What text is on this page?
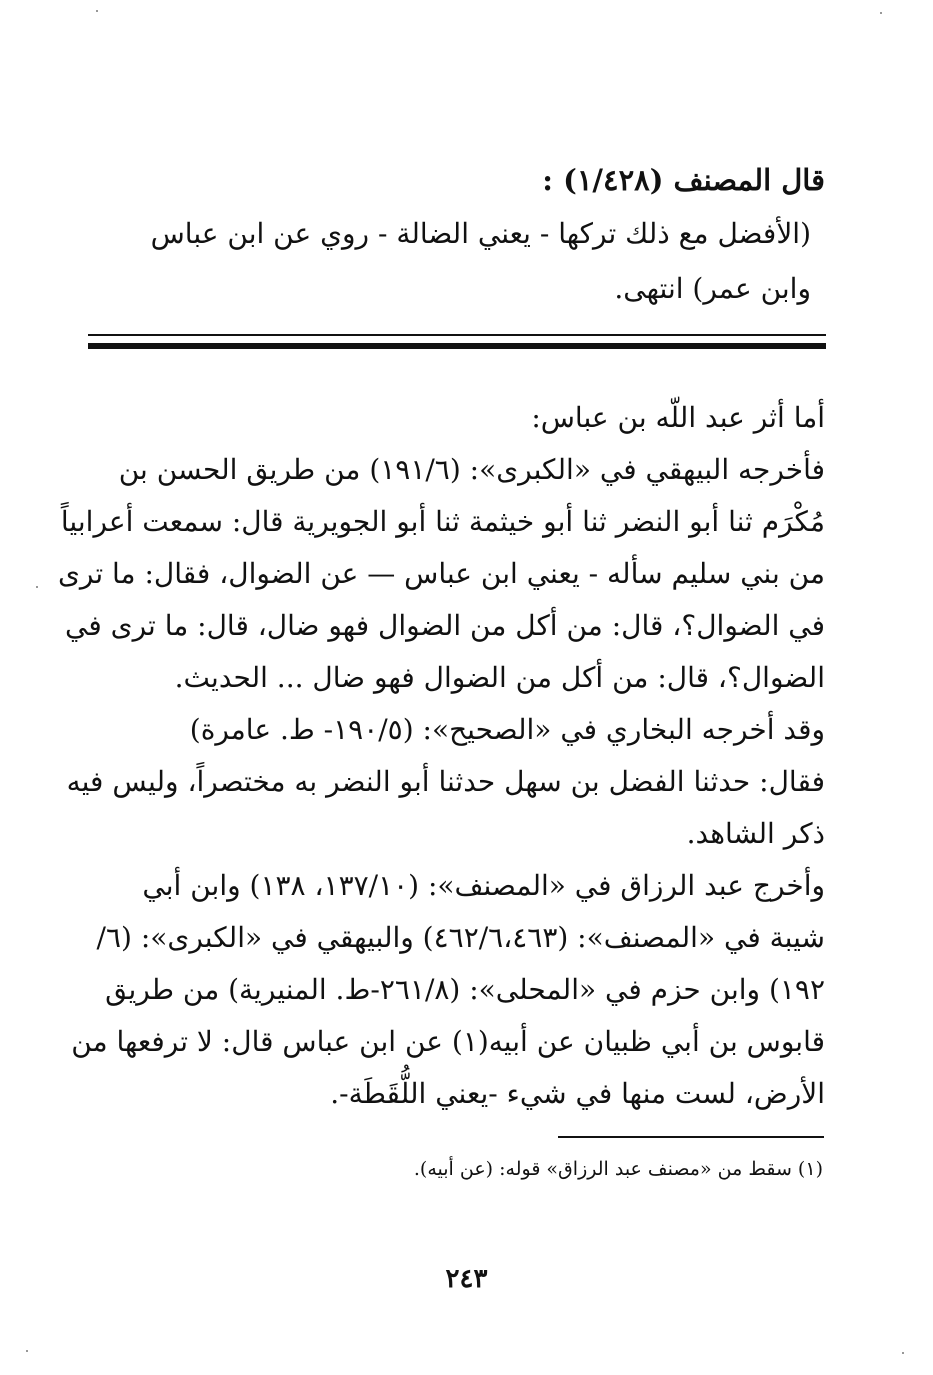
قال المصنف (١/٤٢٨) :
(الأفضل مع ذلك تركها - يعني الضالة - روي عن ابن عباس
وابن عمر) انتهى.
أما أثر عبد اللّه بن عباس:
فأخرجه البيهقي في «الكبرى»: (١٩١/٦) من طريق الحسن بن
مُكْرَم ثنا أبو النضر ثنا أبو خيثمة ثنا أبو الجويرية قال: سمعت أعرابياً
من بني سليم سأله - يعني ابن عباس — عن الضوال، فقال: ما ترى
في الضوال؟، قال: من أكل من الضوال فهو ضال، قال: ما ترى في
الضوال؟، قال: من أكل من الضوال فهو ضال ... الحديث.
وقد أخرجه البخاري في «الصحيح»: (١٩٠/٥- ط. عامرة)
فقال: حدثنا الفضل بن سهل حدثنا أبو النضر به مختصراً، وليس فيه
ذكر الشاهد.
وأخرج عبد الرزاق في «المصنف»: (١٣٧/١٠، ١٣٨) وابن أبي
شيبة في «المصنف»: (٤٦٢/٦،٤٦٣) والبيهقي في «الكبرى»: (٦/
١٩٢) وابن حزم في «المحلى»: (٢٦١/٨-ط. المنيرية) من طريق
قابوس بن أبي ظبيان عن أبيه(١) عن ابن عباس قال: لا ترفعها من
الأرض، لست منها في شيء -يعني اللُّقَطَة-.
(١) سقط من «مصنف عبد الرزاق» قوله: (عن أبيه).
٢٤٣
